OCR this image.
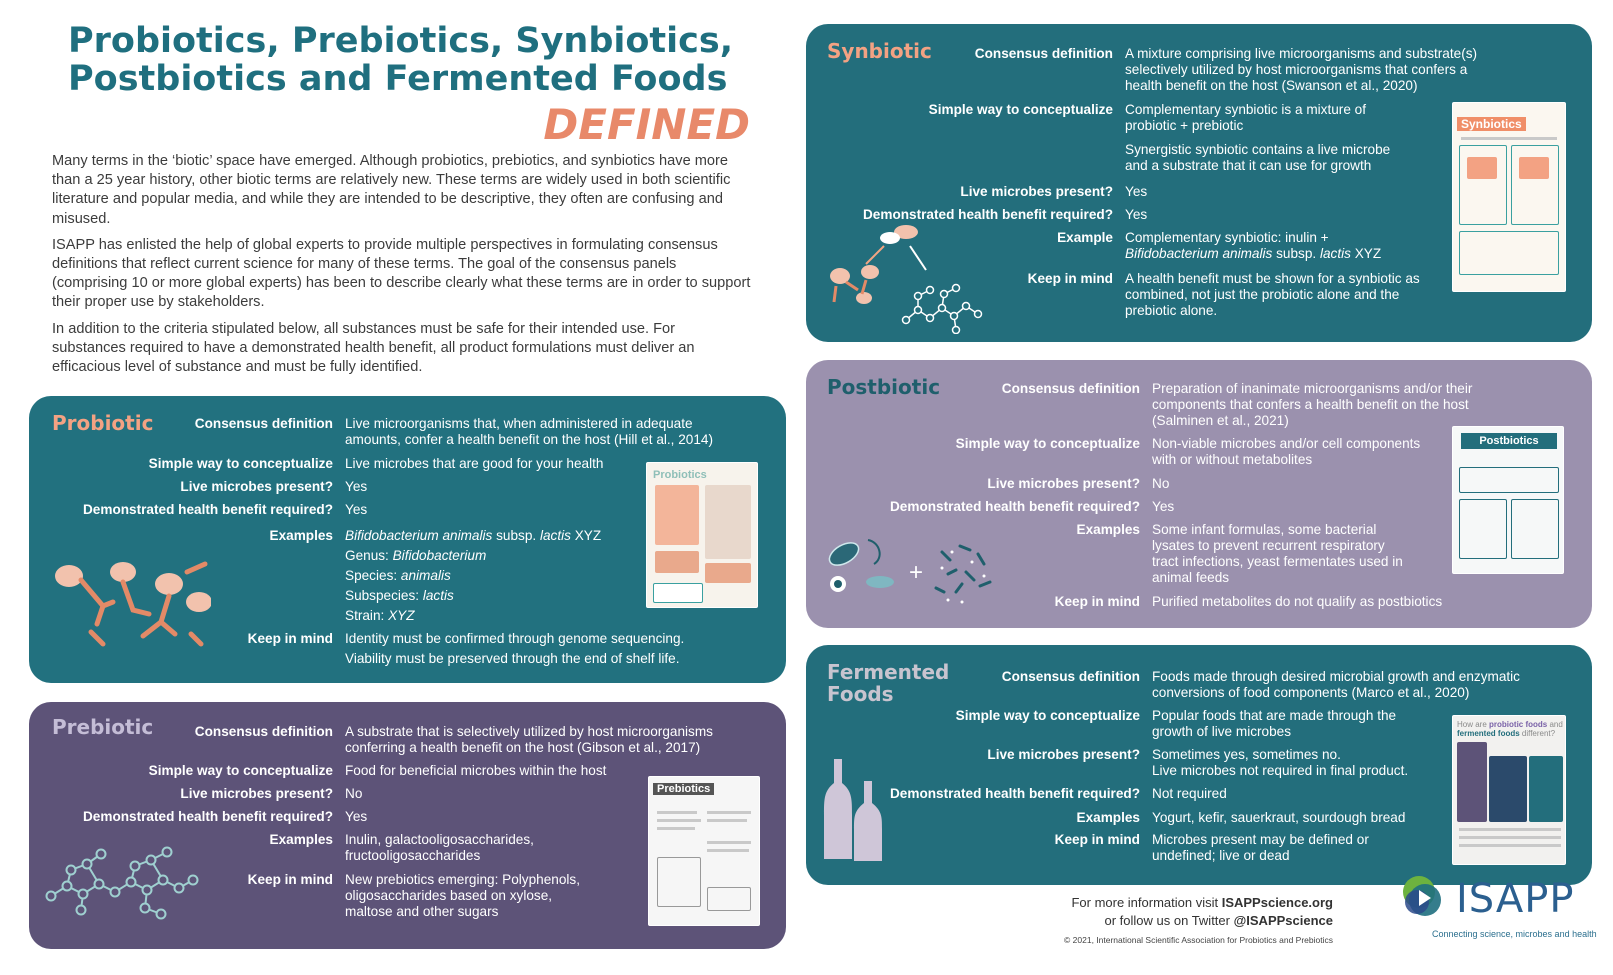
Probiotics, Prebiotics, Synbiotics, Postbiotics and Fermented Foods
DEFINED

Many terms in the ‘biotic’ space have emerged. Although probiotics, prebiotics, and synbiotics have more than a 25 year history, other biotic terms are relatively new. These terms are widely used in both scientific literature and popular media, and while they are intended to be descriptive, they often are confusing and misused.

ISAPP has enlisted the help of global experts to provide multiple perspectives in formulating consensus definitions that reflect current science for many of these terms. The goal of the consensus panels (comprising 10 or more global experts) has been to describe clearly what these terms are in order to support their proper use by stakeholders.

In addition to the criteria stipulated below, all substances must be safe for their intended use. For substances required to have a demonstrated health benefit, all product formulations must deliver an efficacious level of substance and must be fully identified.

Probiotic	Consensus definition Live microorganisms that, when administered in adequate amounts, confer a health benefit on the host (Hill et al., 2014)
Simple way to conceptualize Live microbes that are good for your health
Live microbes present? Yes
Demonstrated health benefit required? Yes
Examples Bifidobacterium animalis subsp. lactis XYZ
Genus: Bifidobacterium
Species: animalis
Subspecies: lactis
Strain: XYZ
Keep in mind Identity must be confirmed through genome sequencing.
Viability must be preserved through the end of shelf life.
Probiotics
Prebiotic	Consensus definition A substrate that is selectively utilized by host microorganisms conferring a health benefit on the host (Gibson et al., 2017)
Simple way to conceptualize Food for beneficial microbes within the host
Live microbes present? No
Demonstrated health benefit required? Yes
Examples Inulin, galactooligosaccharides, fructooligosaccharides
Keep in mind New prebiotics emerging: Polyphenols, oligosaccharides based on xylose, maltose and other sugars
Prebiotics
Synbiotic	Consensus definition A mixture comprising live microorganisms and substrate(s) selectively utilized by host microorganisms that confers a health benefit on the host (Swanson et al., 2020)
Simple way to conceptualize Complementary synbiotic is a mixture of probiotic + prebiotic
Synergistic synbiotic contains a live microbe and a substrate that it can use for growth
Live microbes present? Yes
Demonstrated health benefit required? Yes
Example Complementary synbiotic: inulin +
Bifidobacterium animalis subsp. lactis XYZ
Keep in mind A health benefit must be shown for a synbiotic as combined, not just the probiotic alone and the prebiotic alone.
Synbiotics
Postbiotic	Consensus definition Preparation of inanimate microorganisms and/or their components that confers a health benefit on the host (Salminen et al., 2021)
Simple way to conceptualize Non-viable microbes and/or cell components with or without metabolites
Live microbes present? No
Demonstrated health benefit required? Yes
Examples Some infant formulas, some bacterial lysates to prevent recurrent respiratory tract infections, yeast fermentates used in animal feeds
Keep in mind Purified metabolites do not qualify as postbiotics
+
Postbiotics
Fermented
Foods
Consensus definition Foods made through desired microbial growth and enzymatic conversions of food components (Marco et al., 2020)
Simple way to conceptualize Popular foods that are made through the growth of live microbes
Live microbes present? Sometimes yes, sometimes no.
Live microbes not required in final product.
Demonstrated health benefit required? Not required
Examples Yogurt, kefir, sauerkraut, sourdough bread
Keep in mind Microbes present may be defined or undefined; live or dead
How are probiotic foods and fermented foods different?
For more information visit ISAPPscience.org
or follow us on Twitter @ISAPPscience
© 2021, International Scientific Association for Probiotics and Prebiotics
ISAPP
Connecting science, microbes and health
